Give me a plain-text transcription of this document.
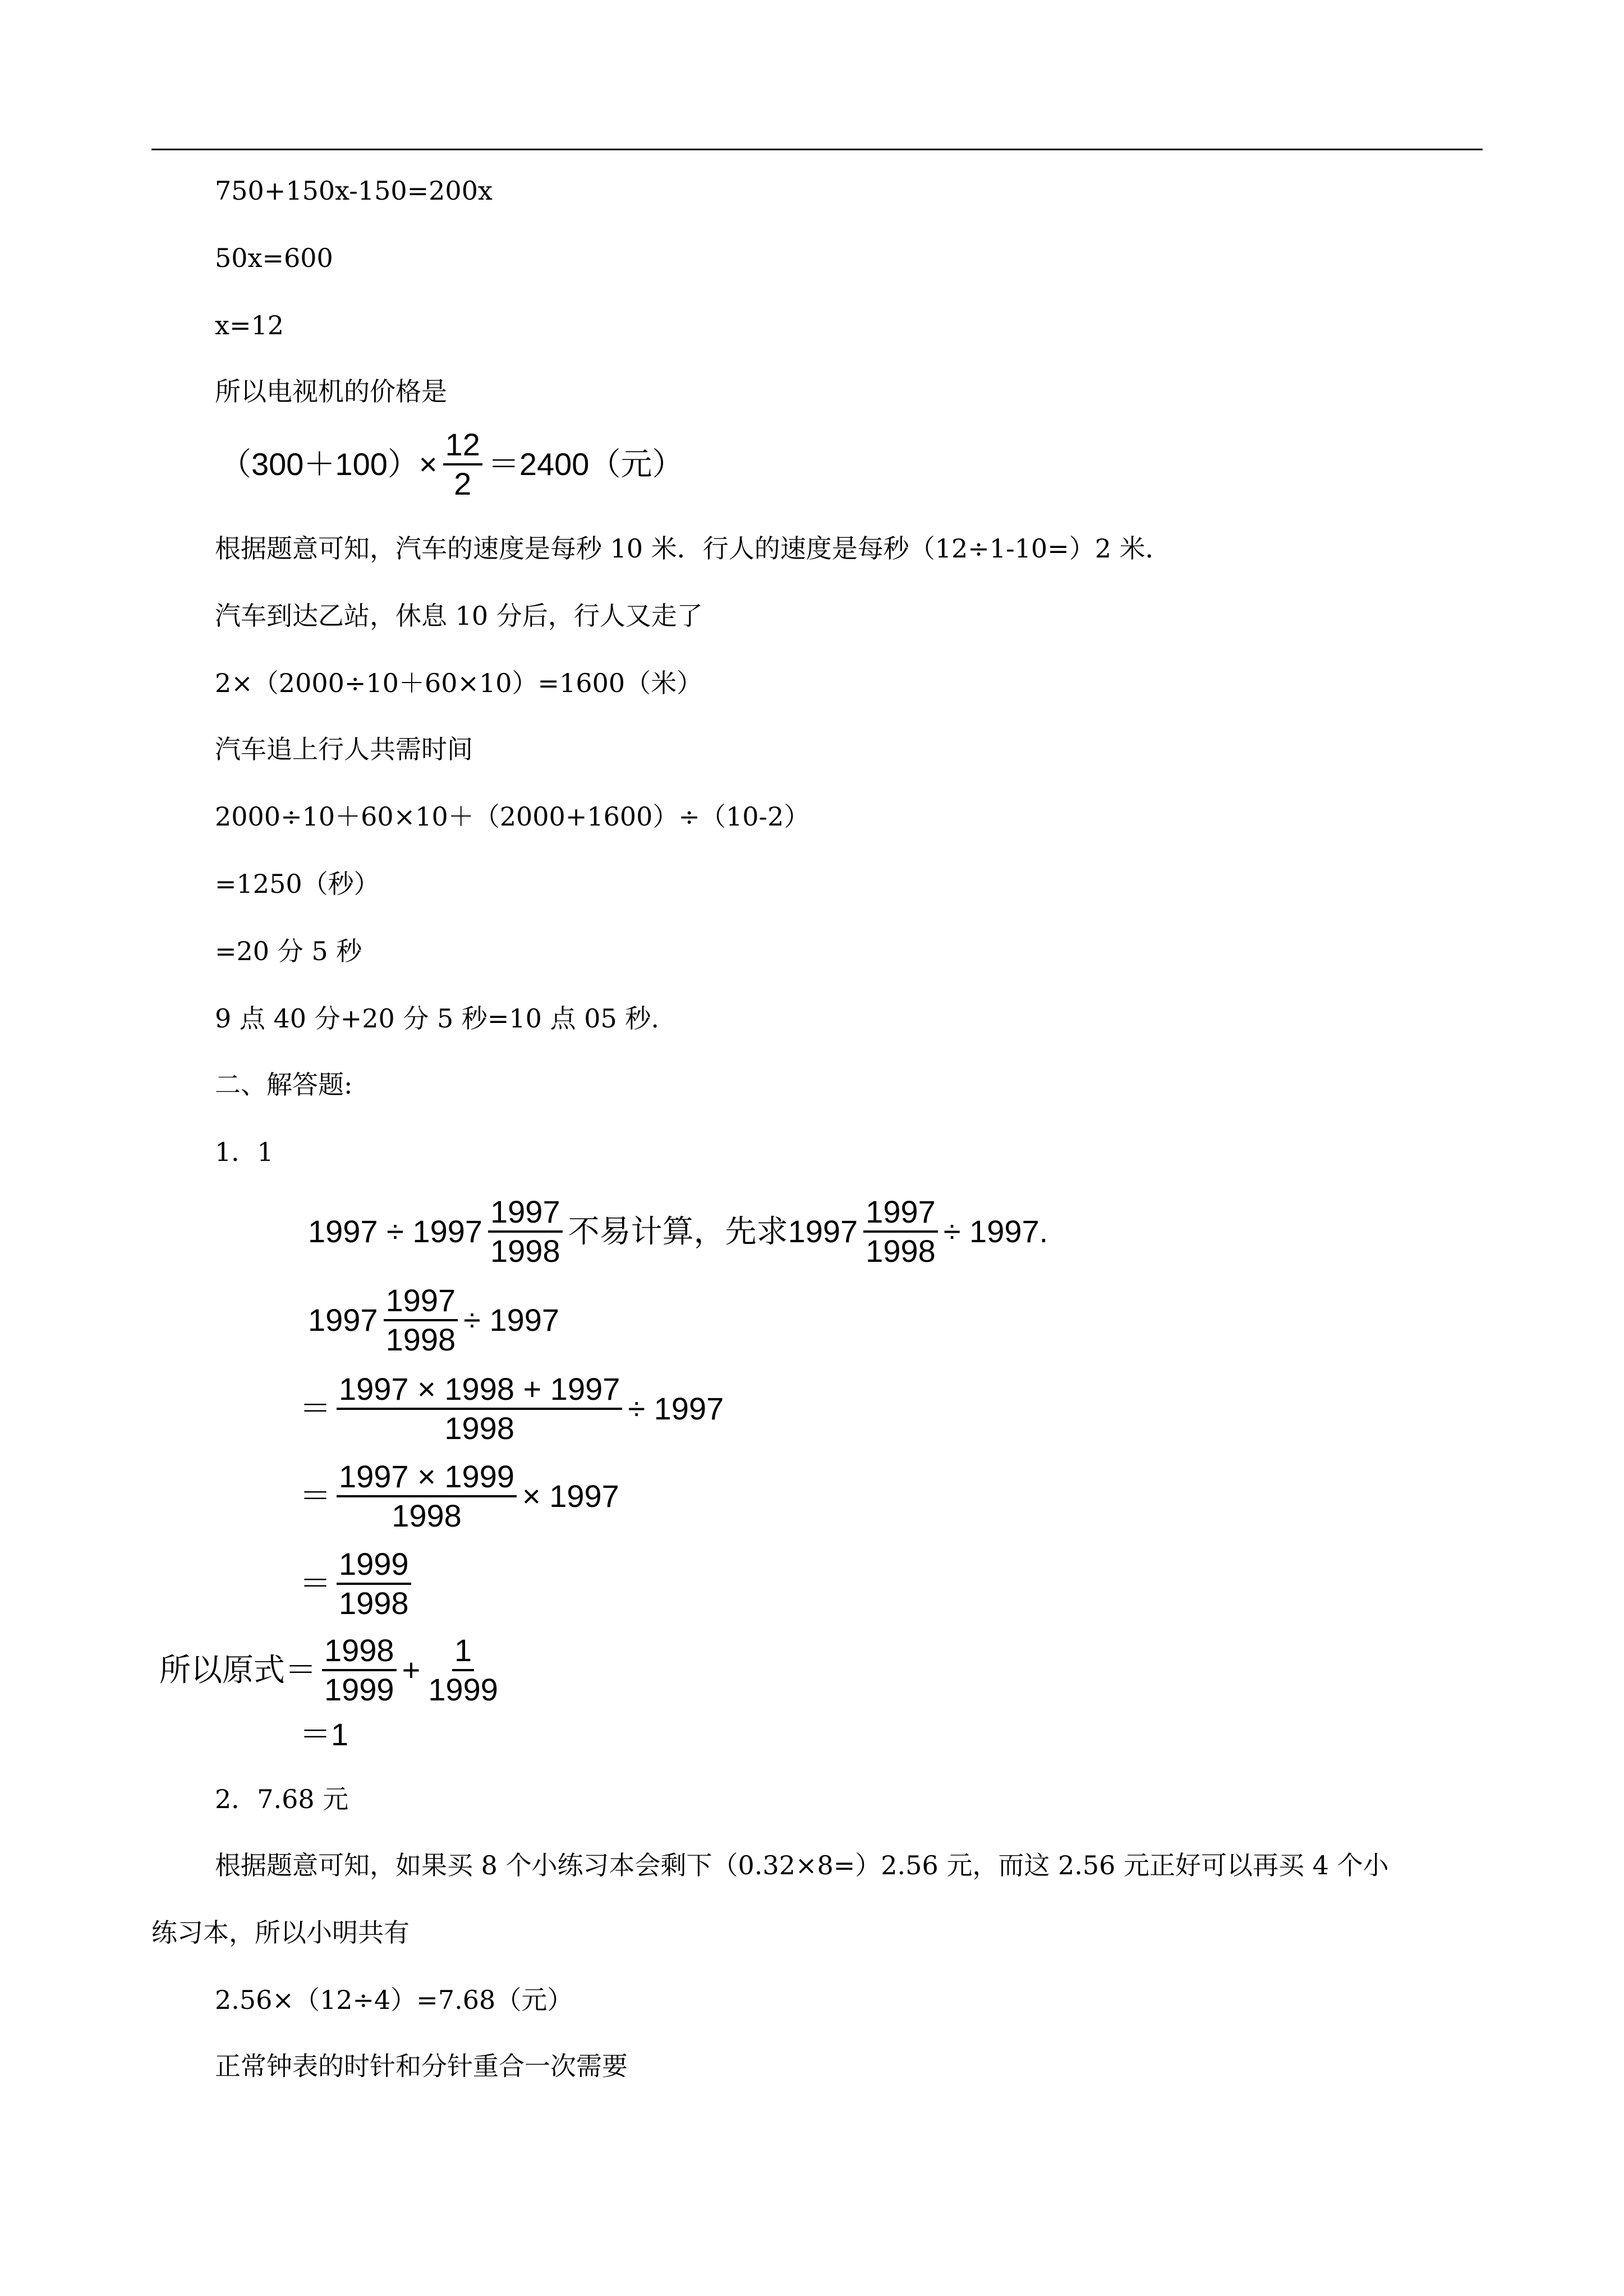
750+150x-150=200x
50x=600
x=12
所以电视机的价格是
$(300+100)\times \frac{12}{2} =2400$（元）
根据题意可知，汽车的速度是每秒 10 米．行人的速度是每秒（12÷1-10=）2 米．
汽车到达乙站，休息 10 分后，行人又走了
2×（2000÷10＋60×10）=1600（米）
汽车追上行人共需时间
2000÷10＋60×10＋（2000+1600）÷（10-2）
=1250（秒）
=20 分 5 秒
9 点 40 分+20 分 5 秒=10 点 05 秒.
二、解答题:
1．1
$1997 \div 1997 \frac{1997}{1998}$ 不易计算，先求$1997 \frac{1997}{1998} \div 1997$.
$1997 \frac{1997}{1998} \div 1997$
＝ $\frac{1997 \times 1998 + 1997}{1998} \div 1997$
＝ $\frac{1997 \times 1999}{1998} \times 1997$
＝ $\frac{1999}{1998}$
所以原式＝ $\frac{1998}{1999} + \frac{1}{1999}$
＝1
2．7.68 元
根据题意可知，如果买 8 个小练习本会剩下（0.32×8=）2.56 元，而这 2.56 元正好可以再买 4 个小
练习本，所以小明共有
2.56×（12÷4）=7.68（元）
正常钟表的时针和分针重合一次需要
